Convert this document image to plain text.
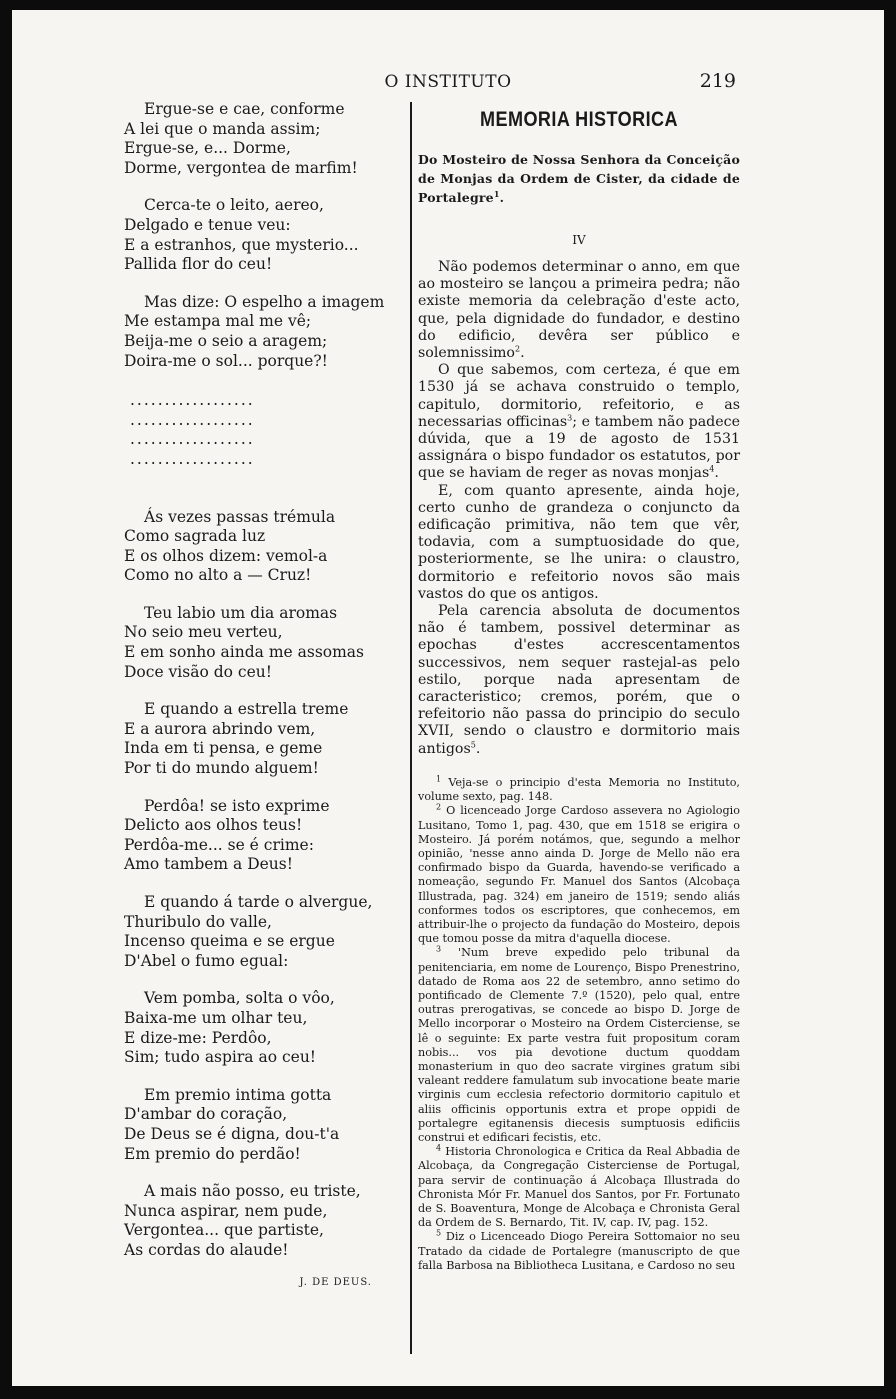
O INSTITUTO	219
Ergue-se e cae, conforme
A lei que o manda assim;
Ergue-se, e... Dorme,
Dorme, vergontea de marfim!
Cerca-te o leito, aereo,
Delgado e tenue veu:
E a estranhos, que mysterio...
Pallida flor do ceu!
Mas dize: O espelho a imagem
Me estampa mal me vê;
Beija-me o seio a aragem;
Doira-me o sol... porque?!
..................
..................
..................
..................
Ás vezes passas trémula
Como sagrada luz
E os olhos dizem: vemol-a
Como no alto a — Cruz!
Teu labio um dia aromas
No seio meu verteu,
E em sonho ainda me assomas
Doce visão do ceu!
E quando a estrella treme
E a aurora abrindo vem,
Inda em ti pensa, e geme
Por ti do mundo alguem!
Perdôa! se isto exprime
Delicto aos olhos teus!
Perdôa-me... se é crime:
Amo tambem a Deus!
E quando á tarde o alvergue,
Thuribulo do valle,
Incenso queima e se ergue
D'Abel o fumo egual:
Vem pomba, solta o vôo,
Baixa-me um olhar teu,
E dize-me: Perdôo,
Sim; tudo aspira ao ceu!
Em premio intima gotta
D'ambar do coração,
De Deus se é digna, dou-t'a
Em premio do perdão!
A mais não posso, eu triste,
Nunca aspirar, nem pude,
Vergontea... que partiste,
As cordas do alaude!
J. DE DEUS.
MEMORIA HISTORICA
Do Mosteiro de Nossa Senhora da Conceição de Monjas da Ordem de Cister, da cidade de Portalegre$^1$.
IV

Não podemos determinar o anno, em que ao mosteiro se lançou a primeira pedra; não existe memoria da celebração d'este acto, que, pela dignidade do fundador, e destino do edificio, devêra ser público e solemnissimo$^2$.

O que sabemos, com certeza, é que em 1530 já se achava construido o templo, capitulo, dormitorio, refeitorio, e as necessarias officinas$^3$; e tambem não padece dúvida, que a 19 de agosto de 1531 assignára o bispo fundador os estatutos, por que se haviam de reger as novas monjas$^4$.

E, com quanto apresente, ainda hoje, certo cunho de grandeza o conjuncto da edificação primitiva, não tem que vêr, todavia, com a sumptuosidade do que, posteriormente, se lhe unira: o claustro, dormitorio e refeitorio novos são mais vastos do que os antigos.

Pela carencia absoluta de documentos não é tambem, possivel determinar as epochas d'estes accrescentamentos successivos, nem sequer rastejal-as pelo estilo, porque nada apresentam de caracteristico; cremos, porém, que o refeitorio não passa do principio do seculo XVII, sendo o claustro e dormitorio mais antigos$^5$.

$^1$ Veja-se o principio d'esta Memoria no Instituto, volume sexto, pag. 148.

$^2$ O licenceado Jorge Cardoso assevera no Agiologio Lusitano, Tomo 1, pag. 430, que em 1518 se erigira o Mosteiro. Já porém notámos, que, segundo a melhor opinião, 'nesse anno ainda D. Jorge de Mello não era confirmado bispo da Guarda, havendo-se verificado a nomeação, segundo Fr. Manuel dos Santos (Alcobaça Illustrada, pag. 324) em janeiro de 1519; sendo aliás conformes todos os escriptores, que conhecemos, em attribuir-lhe o projecto da fundação do Mosteiro, depois que tomou posse da mitra d'aquella diocese.

$^3$ 'Num breve expedido pelo tribunal da penitenciaria, em nome de Lourenço, Bispo Prenestrino, datado de Roma aos 22 de setembro, anno setimo do pontificado de Clemente 7.º (1520), pelo qual, entre outras prerogativas, se concede ao bispo D. Jorge de Mello incorporar o Mosteiro na Ordem Cisterciense, se lê o seguinte: Ex parte vestra fuit propositum coram nobis... vos pia devotione ductum quoddam monasterium in quo deo sacrate virgines gratum sibi valeant reddere famulatum sub invocatione beate marie virginis cum ecclesia refectorio dormitorio capitulo et aliis officinis opportunis extra et prope oppidi de portalegre egitanensis diecesis sumptuosis edificiis construi et edificari fecistis, etc.

$^4$ Historia Chronologica e Critica da Real Abbadia de Alcobaça, da Congregação Cisterciense de Portugal, para servir de continuação á Alcobaça Illustrada do Chronista Mór Fr. Manuel dos Santos, por Fr. Fortunato de S. Boaventura, Monge de Alcobaça e Chronista Geral da Ordem de S. Bernardo, Tit. IV, cap. IV, pag. 152.

$^5$ Diz o Licenceado Diogo Pereira Sottomaior no seu Tratado da cidade de Portalegre (manuscripto de que falla Barbosa na Bibliotheca Lusitana, e Cardoso no seu
